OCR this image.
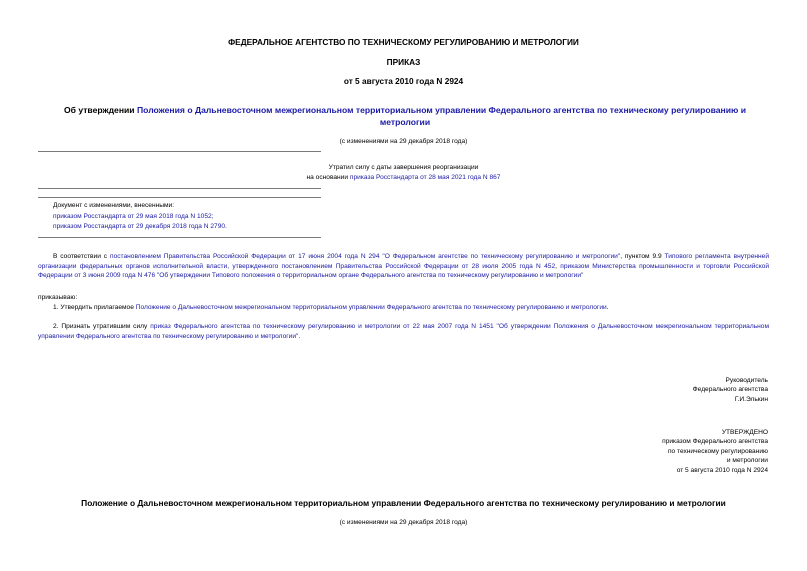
ФЕДЕРАЛЬНОЕ АГЕНТСТВО ПО ТЕХНИЧЕСКОМУ РЕГУЛИРОВАНИЮ И МЕТРОЛОГИИ
ПРИКАЗ
от 5 августа 2010 года N 2924
Об утверждении Положения о Дальневосточном межрегиональном территориальном управлении Федерального агентства по техническому регулированию и метрологии
(с изменениями на 29 декабря 2018 года)
Утратил силу с даты завершения реорганизации
на основании приказа Росстандарта от 28 мая 2021 года N 867
Документ с изменениями, внесенными:
приказом Росстандарта от 29 мая 2018 года N 1052;
приказом Росстандарта от 29 декабря 2018 года N 2790.
В соответствии с постановлением Правительства Российской Федерации от 17 июня 2004 года N 294 "О Федеральном агентстве по техническому регулированию и метрологии", пунктом 9.9 Типового регламента внутренней организации федеральных органов исполнительной власти, утвержденного постановлением Правительства Российской Федерации от 28 июля 2005 года N 452, приказом Министерства промышленности и торговли Российской Федерации от 3 июня 2009 года N 476 "Об утверждении Типового положения о территориальном органе Федерального агентства по техническому регулированию и метрологии"
приказываю:
1. Утвердить прилагаемое Положение о Дальневосточном межрегиональном территориальном управлении Федерального агентства по техническому регулированию и метрологии.
2. Признать утратившим силу приказ Федерального агентства по техническому регулированию и метрологии от 22 мая 2007 года N 1451 "Об утверждении Положения о Дальневосточном межрегиональном территориальном управлении Федерального агентства по техническому регулированию и метрологии".
Руководитель
Федерального агентства
Г.И.Элькин
УТВЕРЖДЕНО
приказом Федерального агентства
по техническому регулированию
и метрологии
от 5 августа 2010 года N 2924
Положение о Дальневосточном межрегиональном территориальном управлении Федерального агентства по техническому регулированию и метрологии
(с изменениями на 29 декабря 2018 года)
